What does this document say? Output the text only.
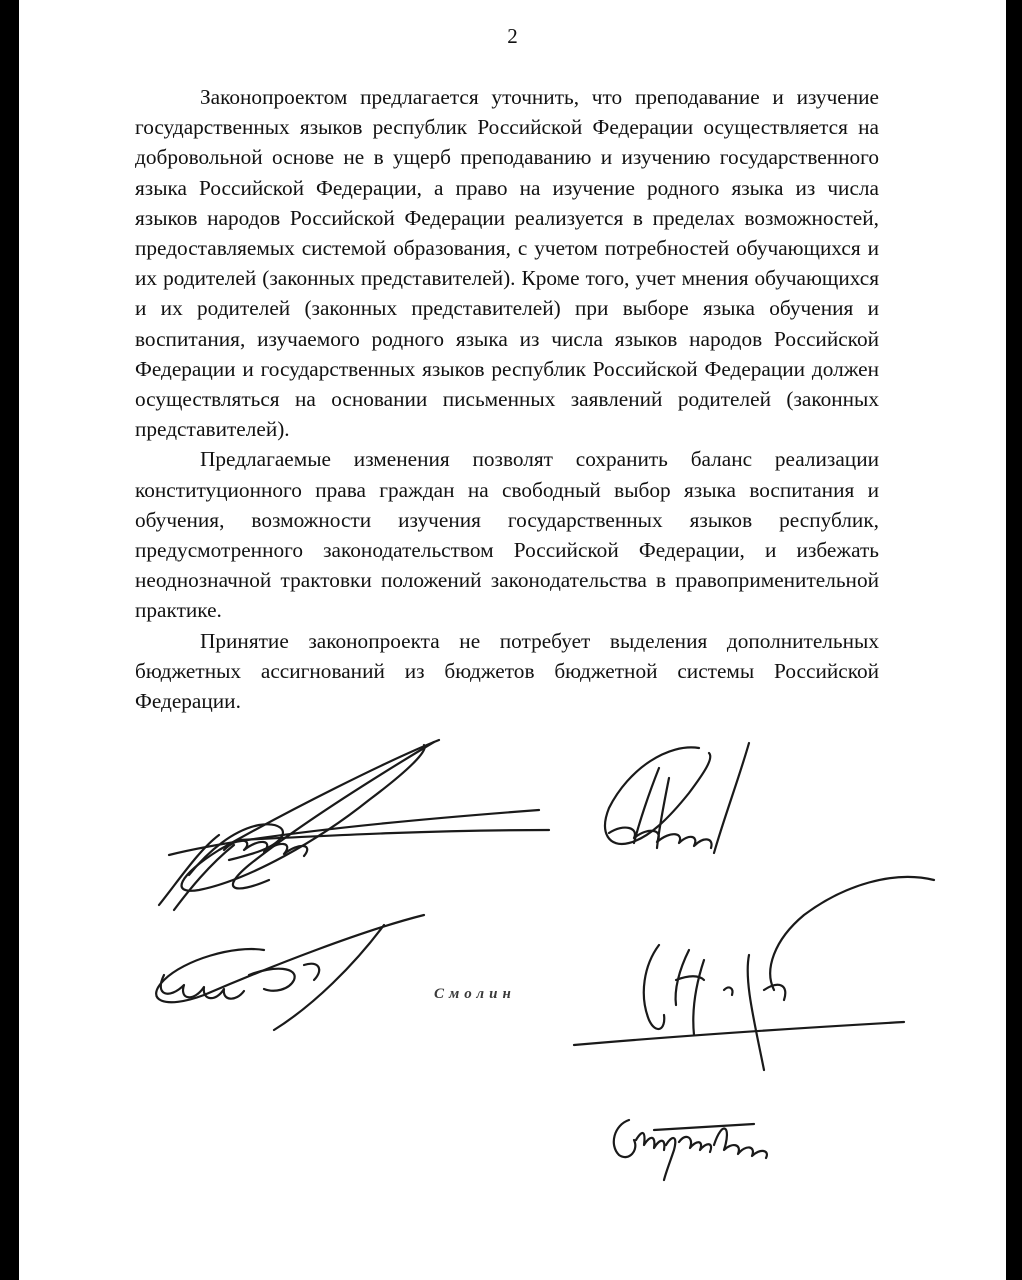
2

Законопроектом предлагается уточнить, что преподавание и изучение государственных языков республик Российской Федерации осуществляется на добровольной основе не в ущерб преподаванию и изучению государственного языка Российской Федерации, а право на изучение родного языка из числа языков народов Российской Федерации реализуется в пределах возможностей, предоставляемых системой образования, с учетом потребностей обучающихся и их родителей (законных представителей). Кроме того, учет мнения обучающихся и их родителей (законных представителей) при выборе языка обучения и воспитания, изучаемого родного языка из числа языков народов Российской Федерации и государственных языков республик Российской Федерации должен осуществляться на основании письменных заявлений родителей (законных представителей).

Предлагаемые изменения позволят сохранить баланс реализации конституционного права граждан на свободный выбор языка воспитания и обучения, возможности изучения государственных языков республик, предусмотренного законодательством Российской Федерации, и избежать неоднозначной трактовки положений законодательства в правоприменительной практике.

Принятие законопроекта не потребует выделения дополнительных бюджетных ассигнований из бюджетов бюджетной системы Российской Федерации.

Смолин
